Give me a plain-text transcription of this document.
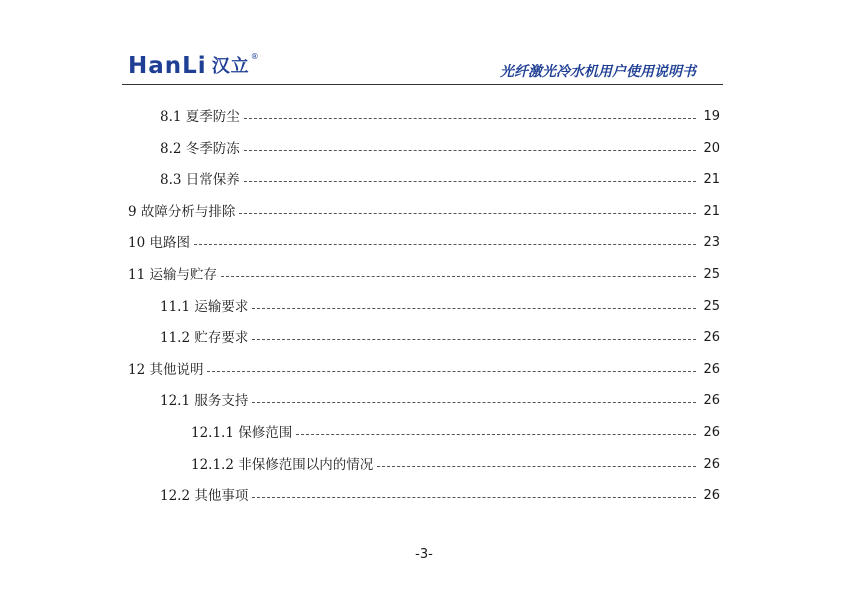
HanLi 汉立 ®
光纤激光冷水机用户使用说明书
8.1 夏季防尘	19
8.2 冬季防冻	20
8.3 日常保养	21
9 故障分析与排除	21
10 电路图	23
11 运输与贮存	25
11.1 运输要求	25
11.2 贮存要求	26
12 其他说明	26
12.1 服务支持	26
12.1.1 保修范围	26
12.1.2 非保修范围以内的情况	26
12.2 其他事项	26
-3-
